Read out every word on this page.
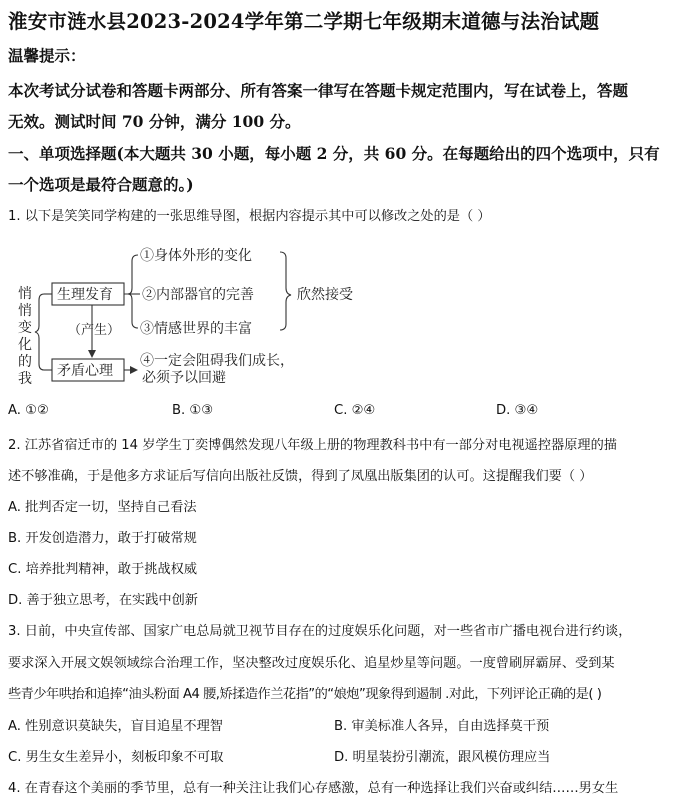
淮安市涟水县2023-2024学年第二学期七年级期末道德与法治试题
温馨提示：
本次考试分试卷和答题卡两部分、所有答案一律写在答题卡规定范围内，写在试卷上，答题
无效。测试时间 70 分钟，满分 100 分。
一、单项选择题(本大题共 30 小题，每小题 2 分，共 60 分。在每题给出的四个选项中，只有
一个选项是最符合题意的。)
1. 以下是笑笑同学构建的一张思维导图，根据内容提示其中可以修改之处的是（ ）
悄
悄
变
化
的
我
生理发育
（产生）
矛盾心理
①身体外形的变化
②内部器官的完善
③情感世界的丰富
欣然接受
④一定会阻碍我们成长，
必须予以回避
A. ①②	B. ①③	C. ②④	D. ③④
2. 江苏省宿迁市的 14 岁学生丁奕博偶然发现八年级上册的物理教科书中有一部分对电视遥控器原理的描
述不够准确，于是他多方求证后写信向出版社反馈，得到了凤凰出版集团的认可。这提醒我们要（ ）
A. 批判否定一切，坚持自己看法
B. 开发创造潜力，敢于打破常规
C. 培养批判精神，敢于挑战权威
D. 善于独立思考，在实践中创新
3. 日前，中央宣传部、国家广电总局就卫视节目存在的过度娱乐化问题，对一些省市广播电视台进行约谈，
要求深入开展文娱领域综合治理工作，坚决整改过度娱乐化、追星炒星等问题。一度曾刷屏霸屏、受到某
些青少年哄抬和追捧“油头粉面 A4 腰,矫揉造作兰花指”的“娘炮”现象得到遏制 .对此，下列评论正确的是( )
A. 性别意识莫缺失，盲目追星不理智	B. 审美标准人各异，自由选择莫干预
C. 男生女生差异小，刻板印象不可取	D. 明星装扮引潮流，跟风模仿理应当
4. 在青春这个美丽的季节里，总有一种关注让我们心存感激，总有一种选择让我们兴奋或纠结……男女生
